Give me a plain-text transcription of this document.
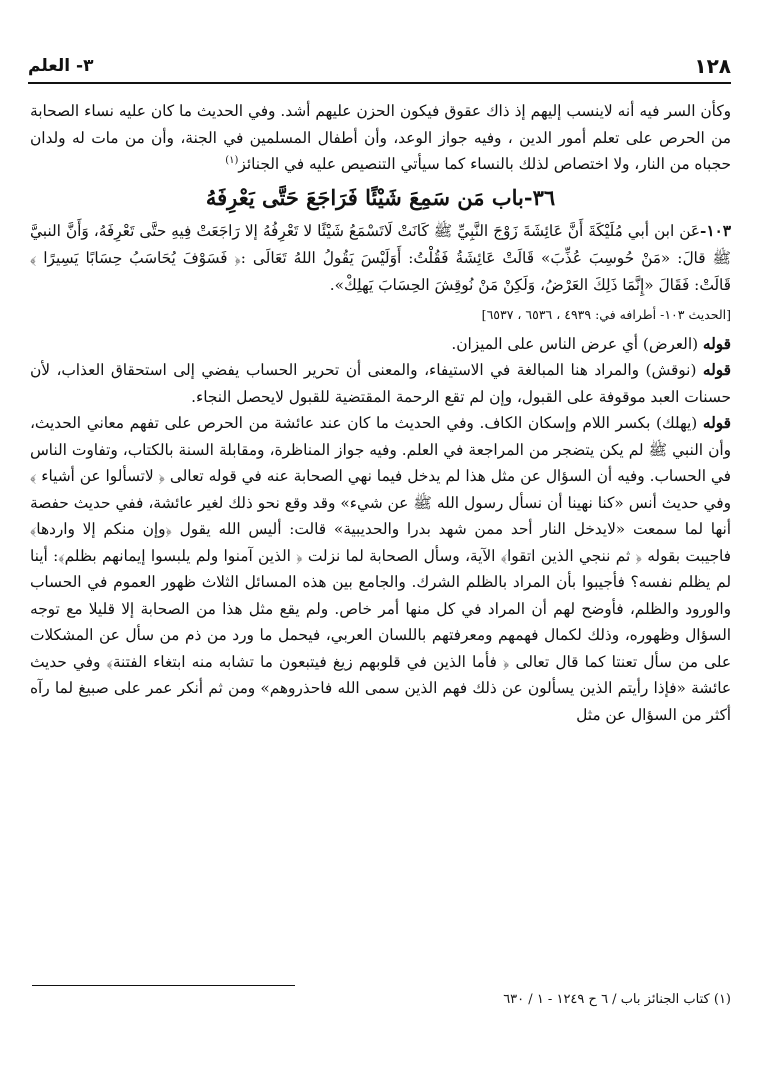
١٢٨
٣- العلم

وكأن السر فيه أنه لاينسب إليهم إذ ذاك عقوق فيكون الحزن عليهم أشد. وفي الحديث ما كان عليه نساء الصحابة من الحرص على تعلم أمور الدين ، وفيه جواز الوعد، وأن أطفال المسلمين في الجنة، وأن من مات له ولدان حجباه من النار، ولا اختصاص لذلك بالنساء كما سيأتي التنصيص عليه في الجنائز$^{(١)}$

٣٦-باب مَن سَمِعَ شَيْئًا فَرَاجَعَ حَتَّى يَعْرِفَهُ

١٠٣-عَن ابن أبي مُلَيْكَةَ أَنَّ عَائِشَةَ زَوْجَ النَّبِيِّ ﷺ كَانَتْ لَاتَسْمَعُ شَيْئًا لا تَعْرِفُهُ إلا رَاجَعَتْ فِيهِ حتَّى تَعْرِفَهُ، وَأَنَّ النبيَّ ﷺ قالَ: «مَنْ حُوسِبَ عُذِّبَ» قَالَتْ عَائِشَةُ فَقُلْتُ: أَوَلَيْسَ يَقُولُ اللهُ تَعَالَى :﴿ فَسَوْفَ يُحَاسَبُ حِسَابًا يَسِيرًا ﴾ قَالَتْ: فَقَالَ «إِنَّمَا ذَلِكَ العَرْضُ، وَلَكِنْ مَنْ نُوقِشَ الحِسَابَ يَهلِكْ».

[الحديث ١٠٣- أطرافه في: ٤٩٣٩ ، ٦٥٣٦ ، ٦٥٣٧]

قوله (العرض) أي عرض الناس على الميزان.

قوله (نوقش) والمراد هنا المبالغة في الاستيفاء، والمعنى أن تحرير الحساب يفضي إلى استحقاق العذاب، لأن حسنات العبد موقوفة على القبول، وإن لم تقع الرحمة المقتضية للقبول لايحصل النجاء.

قوله (يهلك) بكسر اللام وإسكان الكاف. وفي الحديث ما كان عند عائشة من الحرص على تفهم معاني الحديث، وأن النبي ﷺ لم يكن يتضجر من المراجعة في العلم. وفيه جواز المناظرة، ومقابلة السنة بالكتاب، وتفاوت الناس في الحساب. وفيه أن السؤال عن مثل هذا لم يدخل فيما نهي الصحابة عنه في قوله تعالى ﴿ لاتسألوا عن أشياء ﴾ وفي حديث أنس «كنا نهينا أن نسأل رسول الله ﷺ عن شيء» وقد وقع نحو ذلك لغير عائشة، ففي حديث حفصة أنها لما سمعت «لايدخل النار أحد ممن شهد بدرا والحديبية» قالت: أليس الله يقول ﴿وإن منكم إلا واردها﴾ فاجيبت بقوله ﴿ ثم ننجي الذين اتقوا﴾ الآية، وسأل الصحابة لما نزلت ﴿ الذين آمنوا ولم يلبسوا إيمانهم بظلم﴾: أينا لم يظلم نفسه؟ فأجيبوا بأن المراد بالظلم الشرك. والجامع بين هذه المسائل الثلاث ظهور العموم في الحساب والورود والظلم، فأوضح لهم أن المراد في كل منها أمر خاص. ولم يقع مثل هذا من الصحابة إلا قليلا مع توجه السؤال وظهوره، وذلك لكمال فهمهم ومعرفتهم باللسان العربي، فيحمل ما ورد من ذم من سأل عن المشكلات على من سأل تعنتا كما قال تعالى ﴿ فأما الذين في قلوبهم زيغ فيتبعون ما تشابه منه ابتغاء الفتنة﴾ وفي حديث عائشة «فإذا رأيتم الذين يسألون عن ذلك فهم الذين سمى الله فاحذروهم» ومن ثم أنكر عمر على صبيغ لما رآه أكثر من السؤال عن مثل

(١) كتاب الجنائز باب / ٦ ح ١٢٤٩ - ١ / ٦٣٠
